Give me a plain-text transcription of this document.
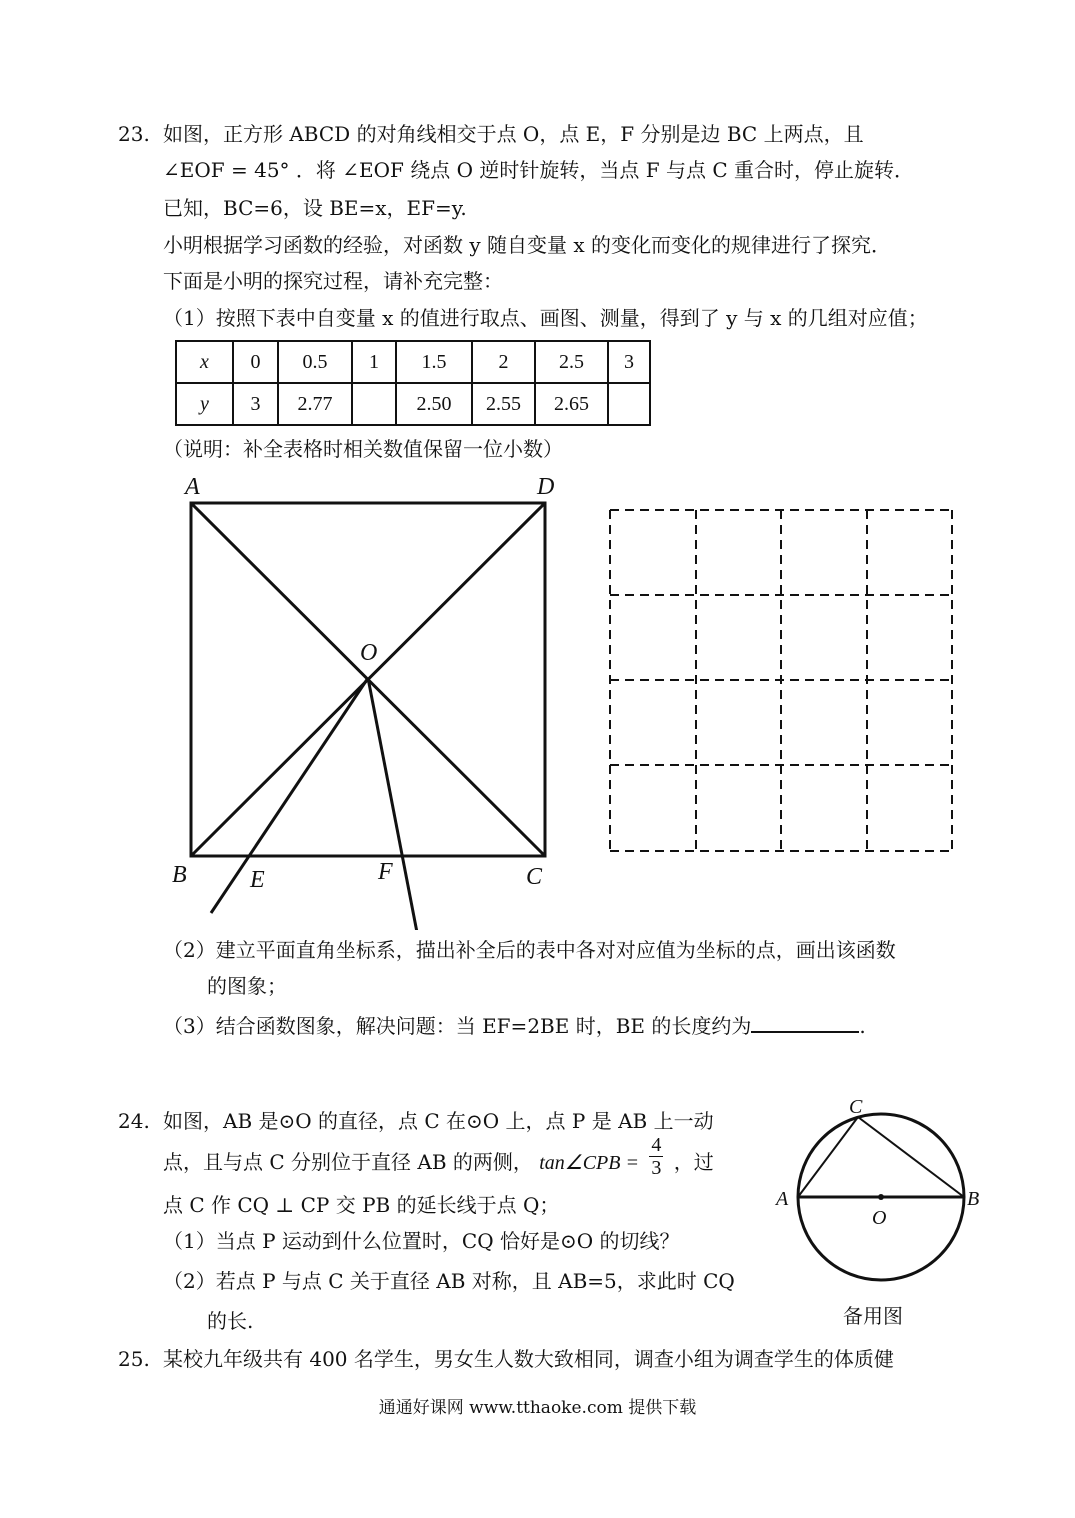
23. 如图，正方形 ABCD 的对角线相交于点 O，点 E，F 分别是边 BC 上两点，且
∠EOF = 45° ．将 ∠EOF 绕点 O 逆时针旋转，当点 F 与点 C 重合时，停止旋转．
已知，BC=6，设 BE=x，EF=y.
小明根据学习函数的经验，对函数 y 随自变量 x 的变化而变化的规律进行了探究．
下面是小明的探究过程，请补充完整：
（1）按照下表中自变量 x 的值进行取点、画图、测量，得到了 y 与 x 的几组对应值；
x	0	0.5	1	1.5	2	2.5	3
y	3	2.77		2.50	2.55	2.65	
（说明：补全表格时相关数值保留一位小数）
A	D
O
B	E	F	C
（2）建立平面直角坐标系，描出补全后的表中各对对应值为坐标的点，画出该函数
的图象；
（3）结合函数图象，解决问题：当 EF=2BE 时，BE 的长度约为	.
24. 如图，AB 是⊙O 的直径，点 C 在⊙O 上，点 P 是 AB 上一动
点，且与点 C 分别位于直径 AB 的两侧， tan∠CPB = $\frac{4}{3}$ ，过
点 C 作 CQ ⊥ CP 交 PB 的延长线于点 Q；
（1）当点 P 运动到什么位置时，CQ 恰好是⊙O 的切线？
（2）若点 P 与点 C 关于直径 AB 对称，且 AB=5，求此时 CQ
的长.
C
A	B
O
备用图
25. 某校九年级共有 400 名学生，男女生人数大致相同，调查小组为调查学生的体质健
通通好课网 www.tthaoke.com 提供下载
